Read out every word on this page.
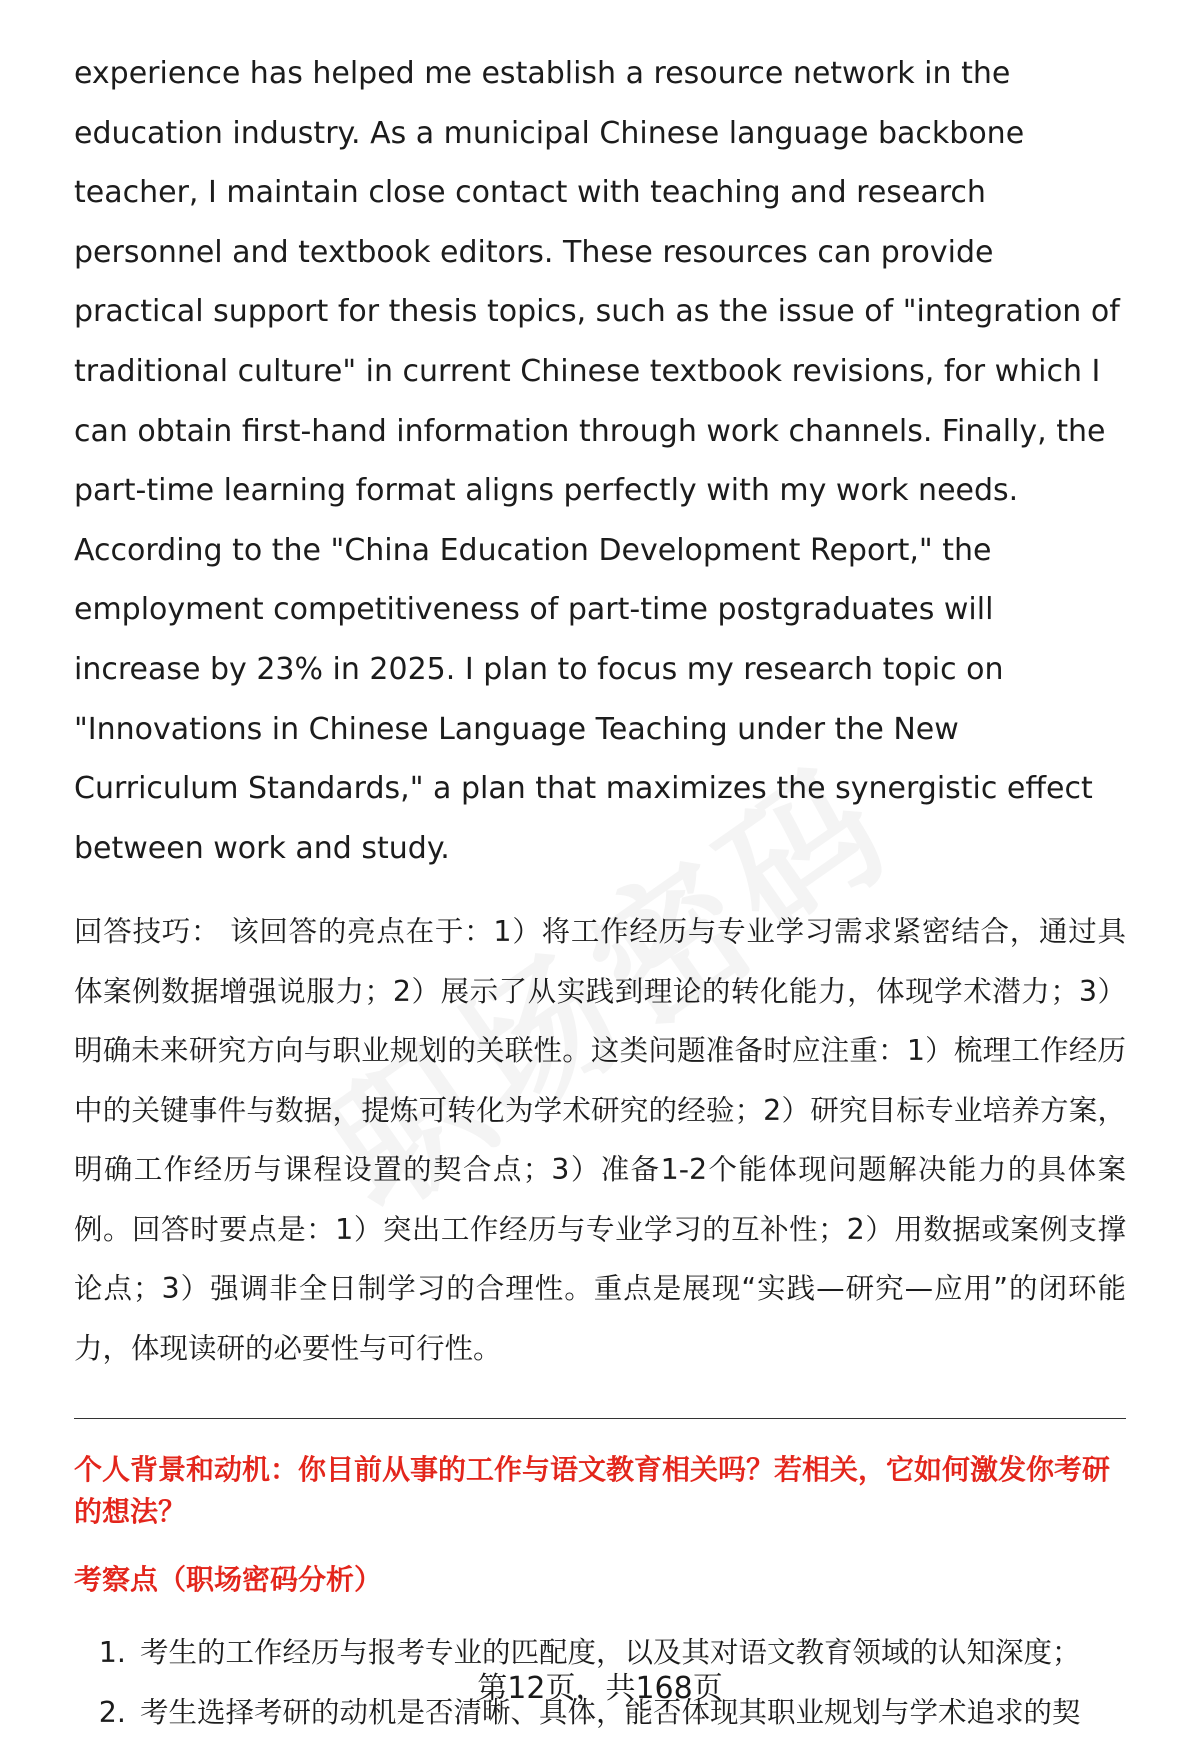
experience has helped me establish a resource network in the education industry. As a municipal Chinese language backbone teacher, I maintain close contact with teaching and research personnel and textbook editors. These resources can provide practical support for thesis topics, such as the issue of "integration of traditional culture" in current Chinese textbook revisions, for which I can obtain first-hand information through work channels. Finally, the part-time learning format aligns perfectly with my work needs. According to the "China Education Development Report," the employment competitiveness of part-time postgraduates will increase by 23% in 2025. I plan to focus my research topic on "Innovations in Chinese Language Teaching under the New Curriculum Standards," a plan that maximizes the synergistic effect between work and study.

回答技巧： 该回答的亮点在于：1）将工作经历与专业学习需求紧密结合，通过具体案例数据增强说服力；2）展示了从实践到理论的转化能力，体现学术潜力；3）明确未来研究方向与职业规划的关联性。这类问题准备时应注重：1）梳理工作经历中的关键事件与数据，提炼可转化为学术研究的经验；2）研究目标专业培养方案，明确工作经历与课程设置的契合点；3）准备1-2个能体现问题解决能力的具体案例。回答时要点是：1）突出工作经历与专业学习的互补性；2）用数据或案例支撑论点；3）强调非全日制学习的合理性。重点是展现“实践—研究—应用”的闭环能力，体现读研的必要性与可行性。

个人背景和动机：你目前从事的工作与语文教育相关吗？若相关，它如何激发你考研的想法？
考察点（职场密码分析）
1. 考生的工作经历与报考专业的匹配度，以及其对语文教育领域的认知深度；
2. 考生选择考研的动机是否清晰、具体，能否体现其职业规划与学术追求的契
第12页，共168页
